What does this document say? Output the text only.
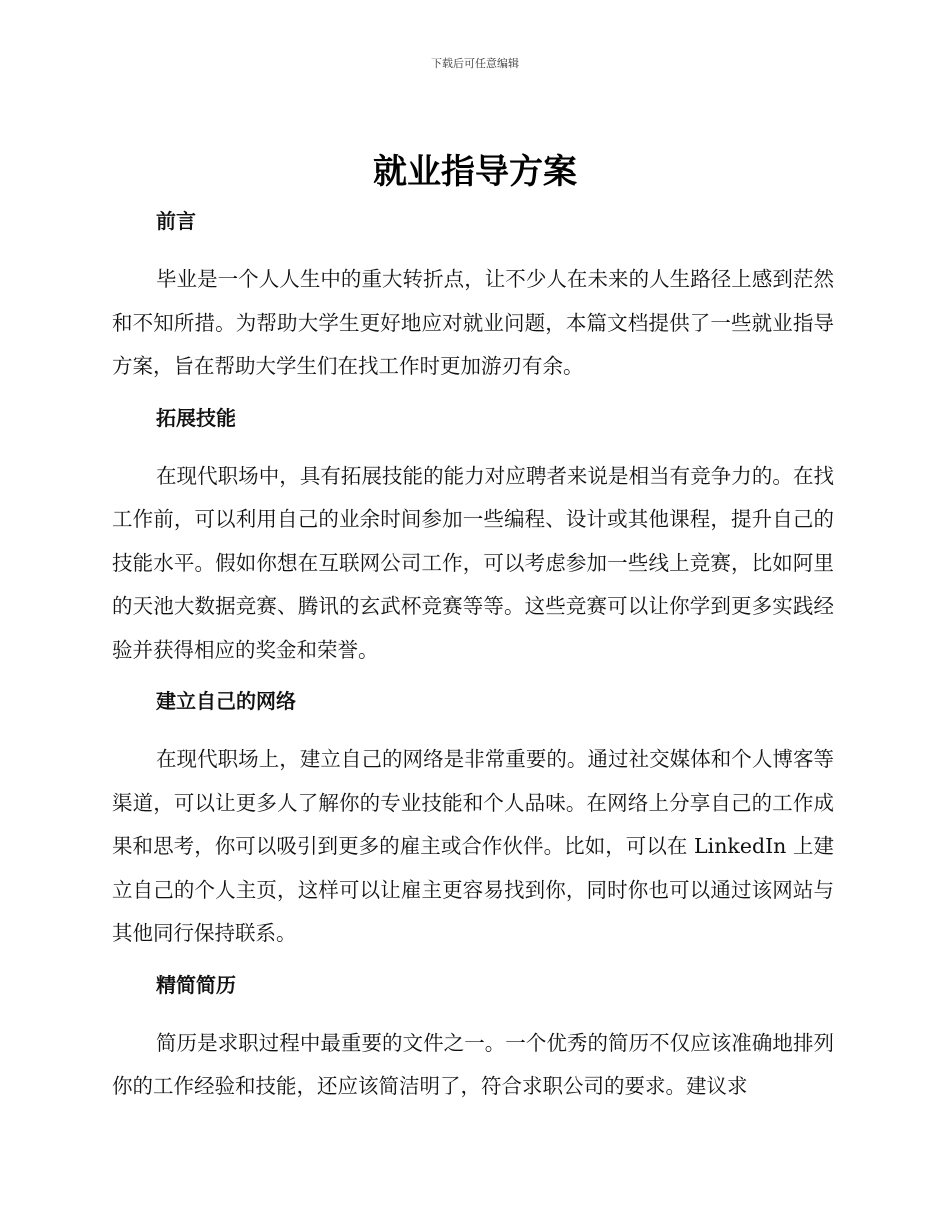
下载后可任意编辑
就业指导方案
前言

毕业是一个人人生中的重大转折点，让不少人在未来的人生路径上感到茫然和不知所措。为帮助大学生更好地应对就业问题，本篇文档提供了一些就业指导方案，旨在帮助大学生们在找工作时更加游刃有余。

拓展技能

在现代职场中，具有拓展技能的能力对应聘者来说是相当有竞争力的。在找工作前，可以利用自己的业余时间参加一些编程、设计或其他课程，提升自己的技能水平。假如你想在互联网公司工作，可以考虑参加一些线上竞赛，比如阿里的天池大数据竞赛、腾讯的玄武杯竞赛等等。这些竞赛可以让你学到更多实践经验并获得相应的奖金和荣誉。

建立自己的网络

在现代职场上，建立自己的网络是非常重要的。通过社交媒体和个人博客等渠道，可以让更多人了解你的专业技能和个人品味。在网络上分享自己的工作成果和思考，你可以吸引到更多的雇主或合作伙伴。比如，可以在 LinkedIn 上建立自己的个人主页，这样可以让雇主更容易找到你，同时你也可以通过该网站与其他同行保持联系。

精简简历

简历是求职过程中最重要的文件之一。一个优秀的简历不仅应该准确地排列你的工作经验和技能，还应该简洁明了，符合求职公司的要求。建议求
